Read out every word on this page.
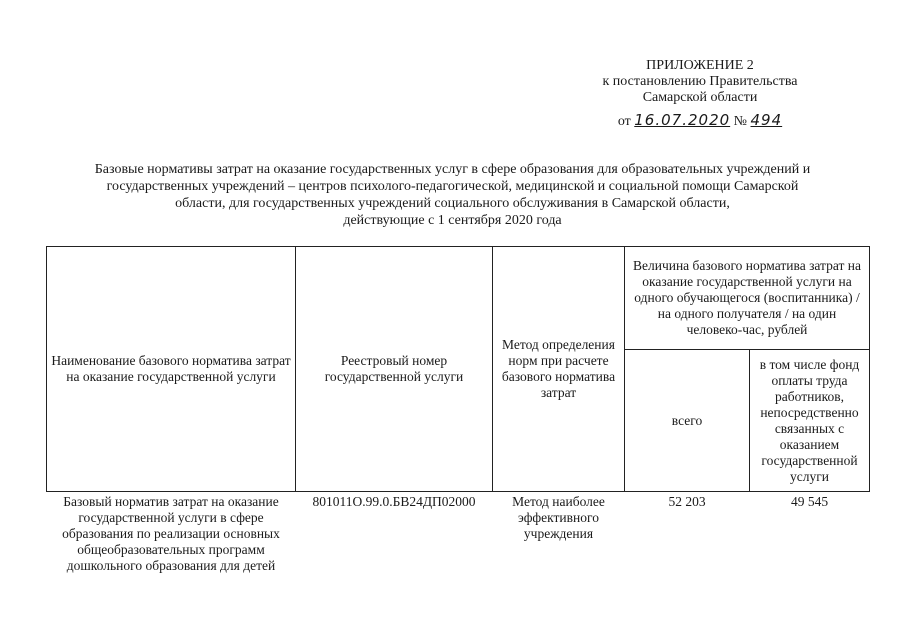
ПРИЛОЖЕНИЕ 2
к постановлению Правительства
Самарской области
от 16.07.2020 № 494
Базовые нормативы затрат на оказание государственных услуг в сфере образования для образовательных учреждений и
государственных учреждений – центров психолого-педагогической, медицинской и социальной помощи Самарской
области, для государственных учреждений социального обслуживания в Самарской области,
действующие с 1 сентября 2020 года
Наименование базового норматива затрат на оказание государственной услуги	Реестровый номер государственной услуги	Метод определения норм при расчете базового норматива затрат	Величина базового норматива затрат на оказание государственной услуги на одного обучающегося (воспитанника) / на одного получателя / на один человеко-час, рублей	
			всего	в том числе фонд оплаты труда работников, непосредственно связанных с оказанием государственной услуги
Базовый норматив затрат на оказание государственной услуги в сфере образования по реализации основных общеобразовательных программ дошкольного образования для детей	801011О.99.0.БВ24ДП02000	Метод наиболее эффективного учреждения	52 203	49 545
